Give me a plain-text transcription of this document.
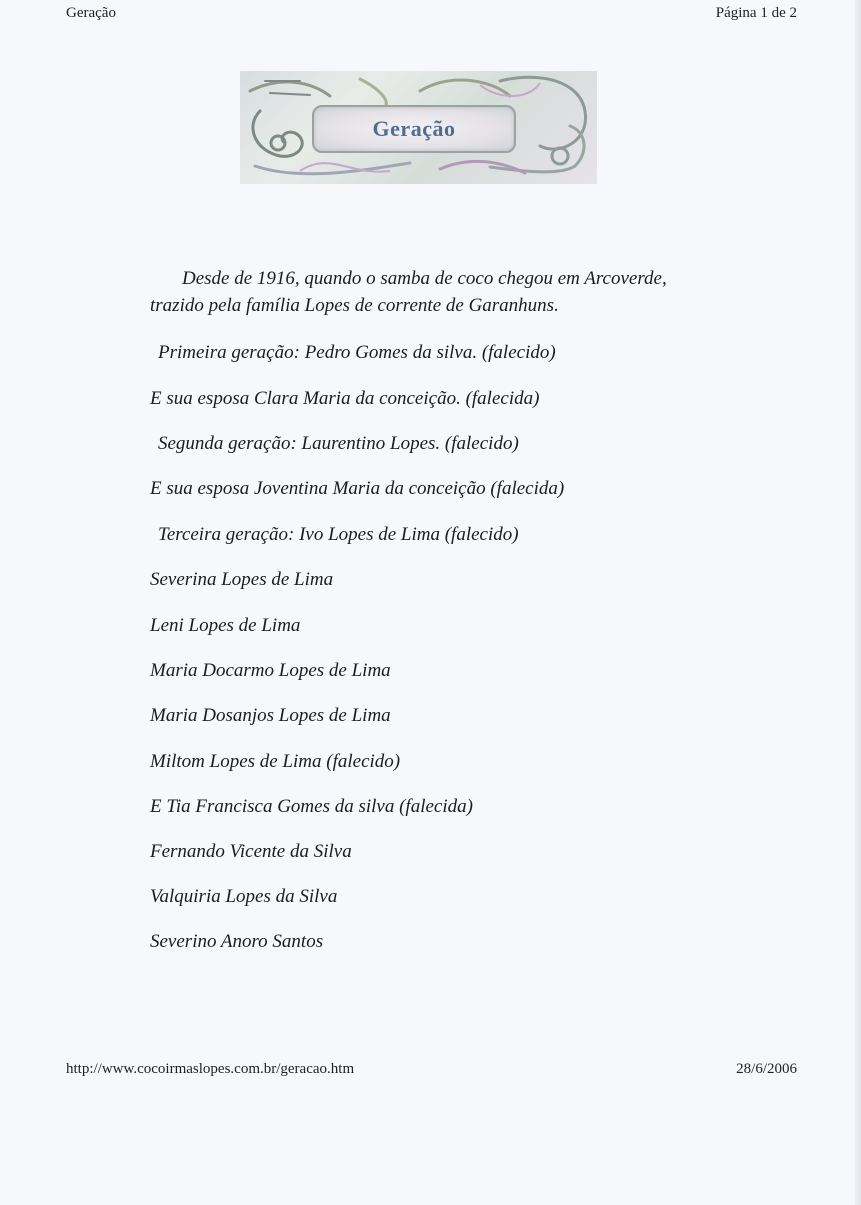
Geração	Página 1 de 2
Geração
Desde de 1916, quando o samba de coco chegou em Arcoverde,
trazido pela família Lopes de corrente de Garanhuns.
Primeira geração: Pedro Gomes da silva. (falecido)
E sua esposa Clara Maria da conceição. (falecida)
Segunda geração: Laurentino Lopes. (falecido)
E sua esposa Joventina Maria da conceição (falecida)
Terceira geração: Ivo Lopes de Lima (falecido)
Severina Lopes de Lima
Leni Lopes de Lima
Maria Docarmo Lopes de Lima
Maria Dosanjos Lopes de Lima
Miltom Lopes de Lima (falecido)
E Tia Francisca Gomes da silva (falecida)
Fernando Vicente da Silva
Valquiria Lopes da Silva
Severino Anoro Santos
http://www.cocoirmaslopes.com.br/geracao.htm	28/6/2006
